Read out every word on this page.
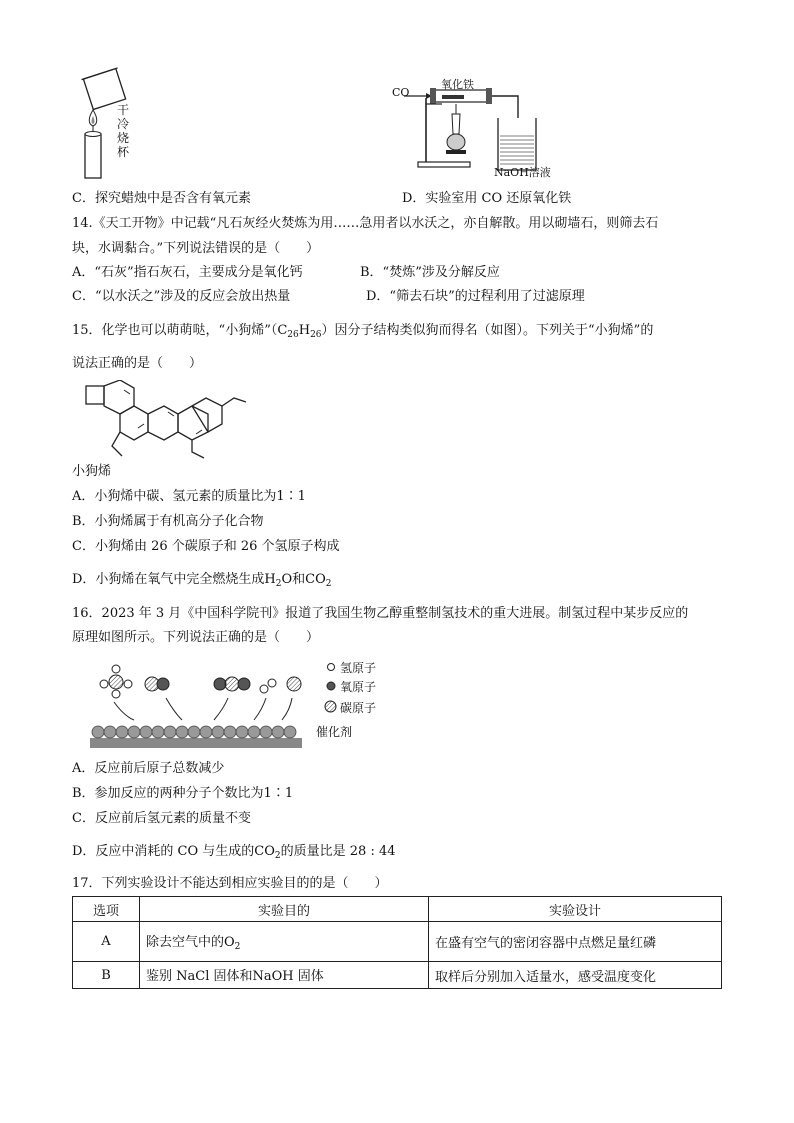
干冷烧杯
CO
氧化铁
NaOH溶液
C．探究蜡烛中是否含有氧元素	D．实验室用 CO 还原氧化铁
14.《天工开物》中记载“凡石灰经火焚炼为用……急用者以水沃之，亦自解散。用以砌墙石，则筛去石
块，水调黏合。”下列说法错误的是（　　）
A．“石灰”指石灰石，主要成分是氧化钙	B．“焚炼”涉及分解反应
C．“以水沃之”涉及的反应会放出热量	D．“筛去石块”的过程利用了过滤原理
15．化学也可以萌萌哒，“小狗烯$”(C_{26}H_{26})$因分子结构类似狗而得名（如图）。下列关于“小狗烯”的
说法正确的是（　　）
小狗烯
A．小狗烯中碳、氢元素的质量比为1∶1
B．小狗烯属于有机高分子化合物
C．小狗烯由 26 个碳原子和 26 个氢原子构成
D．小狗烯在氧气中完全燃烧生成$H_2O$和$CO_2$
16．2023 年 3 月《中国科学院刊》报道了我国生物乙醇重整制氢技术的重大进展。制氢过程中某步反应的
原理如图所示。下列说法正确的是（　　）
氢原子
氧原子
碳原子
催化剂
A．反应前后原子总数减少
B．参加反应的两种分子个数比为1∶1
C．反应前后氢元素的质量不变
D．反应中消耗的 CO 与生成的$CO_2$的质量比是 28 : 44
17．下列实验设计不能达到相应实验目的的是（　　）
选项	实验目的	实验设计
A	除去空气中的$O_2$	在盛有空气的密闭容器中点燃足量红磷
B	鉴别 NaCl 固体和NaOH 固体	取样后分别加入适量水，感受温度变化
